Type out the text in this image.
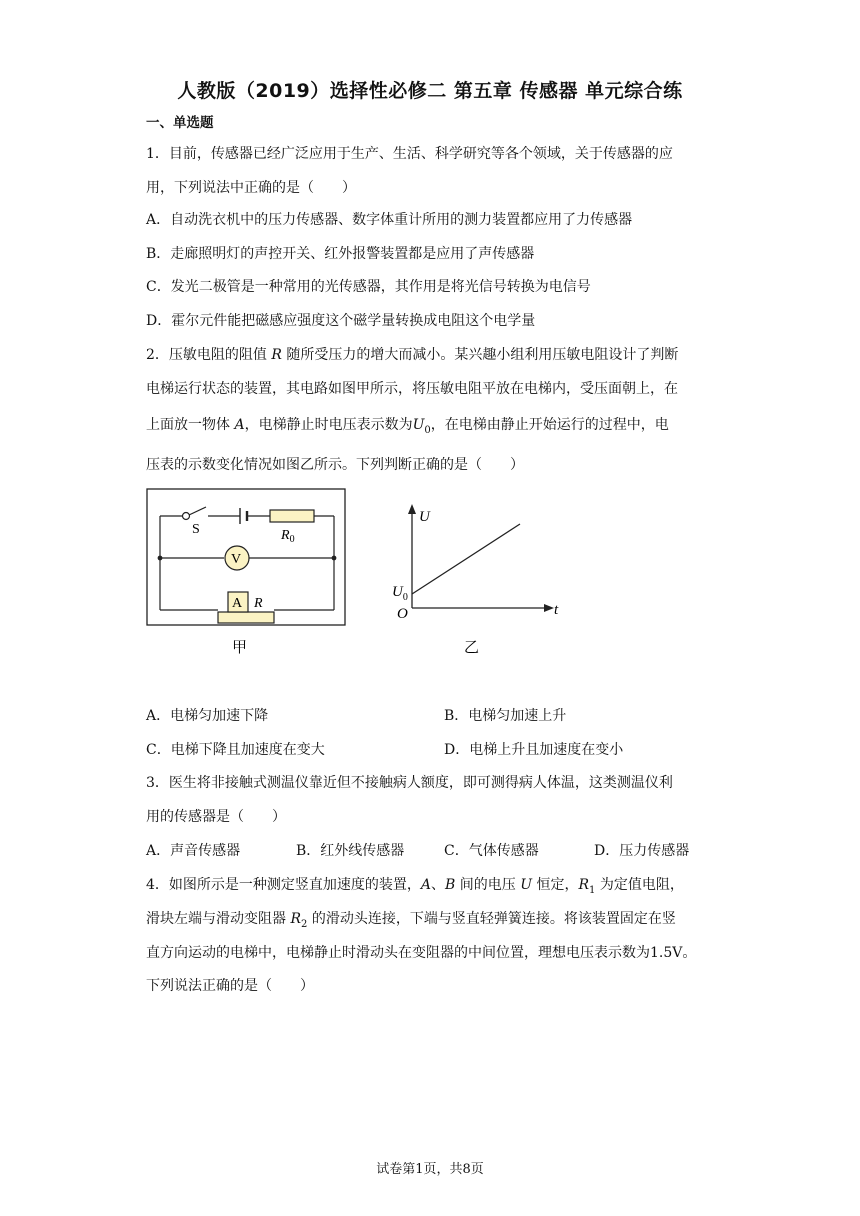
人教版（2019）选择性必修二 第五章 传感器 单元综合练
一、单选题
1．目前，传感器已经广泛应用于生产、生活、科学研究等各个领域，关于传感器的应
用，下列说法中正确的是（　　）
A．自动洗衣机中的压力传感器、数字体重计所用的测力装置都应用了力传感器
B．走廊照明灯的声控开关、红外报警装置都是应用了声传感器
C．发光二极管是一种常用的光传感器，其作用是将光信号转换为电信号
D．霍尔元件能把磁感应强度这个磁学量转换成电阻这个电学量
2．压敏电阻的阻值 R 随所受压力的增大而减小。某兴趣小组利用压敏电阻设计了判断
电梯运行状态的装置，其电路如图甲所示，将压敏电阻平放在电梯内，受压面朝上，在
上面放一物体 A，电梯静止时电压表示数为$U_0$，在电梯由静止开始运行的过程中，电
压表的示数变化情况如图乙所示。下列判断正确的是（　　）
S	$R_0$
V
A R
甲
U
t
O
$U_0$
乙
A．电梯匀加速下降	B．电梯匀加速上升
C．电梯下降且加速度在变大	D．电梯上升且加速度在变小
3．医生将非接触式测温仪靠近但不接触病人额度，即可测得病人体温，这类测温仪利
用的传感器是（　　）
A．声音传感器	B．红外线传感器	C．气体传感器	D．压力传感器
4．如图所示是一种测定竖直加速度的装置，A、B 间的电压 U 恒定，$R_1$ 为定值电阻，
滑块左端与滑动变阻器 $R_2$ 的滑动头连接，下端与竖直轻弹簧连接。将该装置固定在竖
直方向运动的电梯中，电梯静止时滑动头在变阻器的中间位置，理想电压表示数为1.5V。
下列说法正确的是（　　）
试卷第1页，共8页
